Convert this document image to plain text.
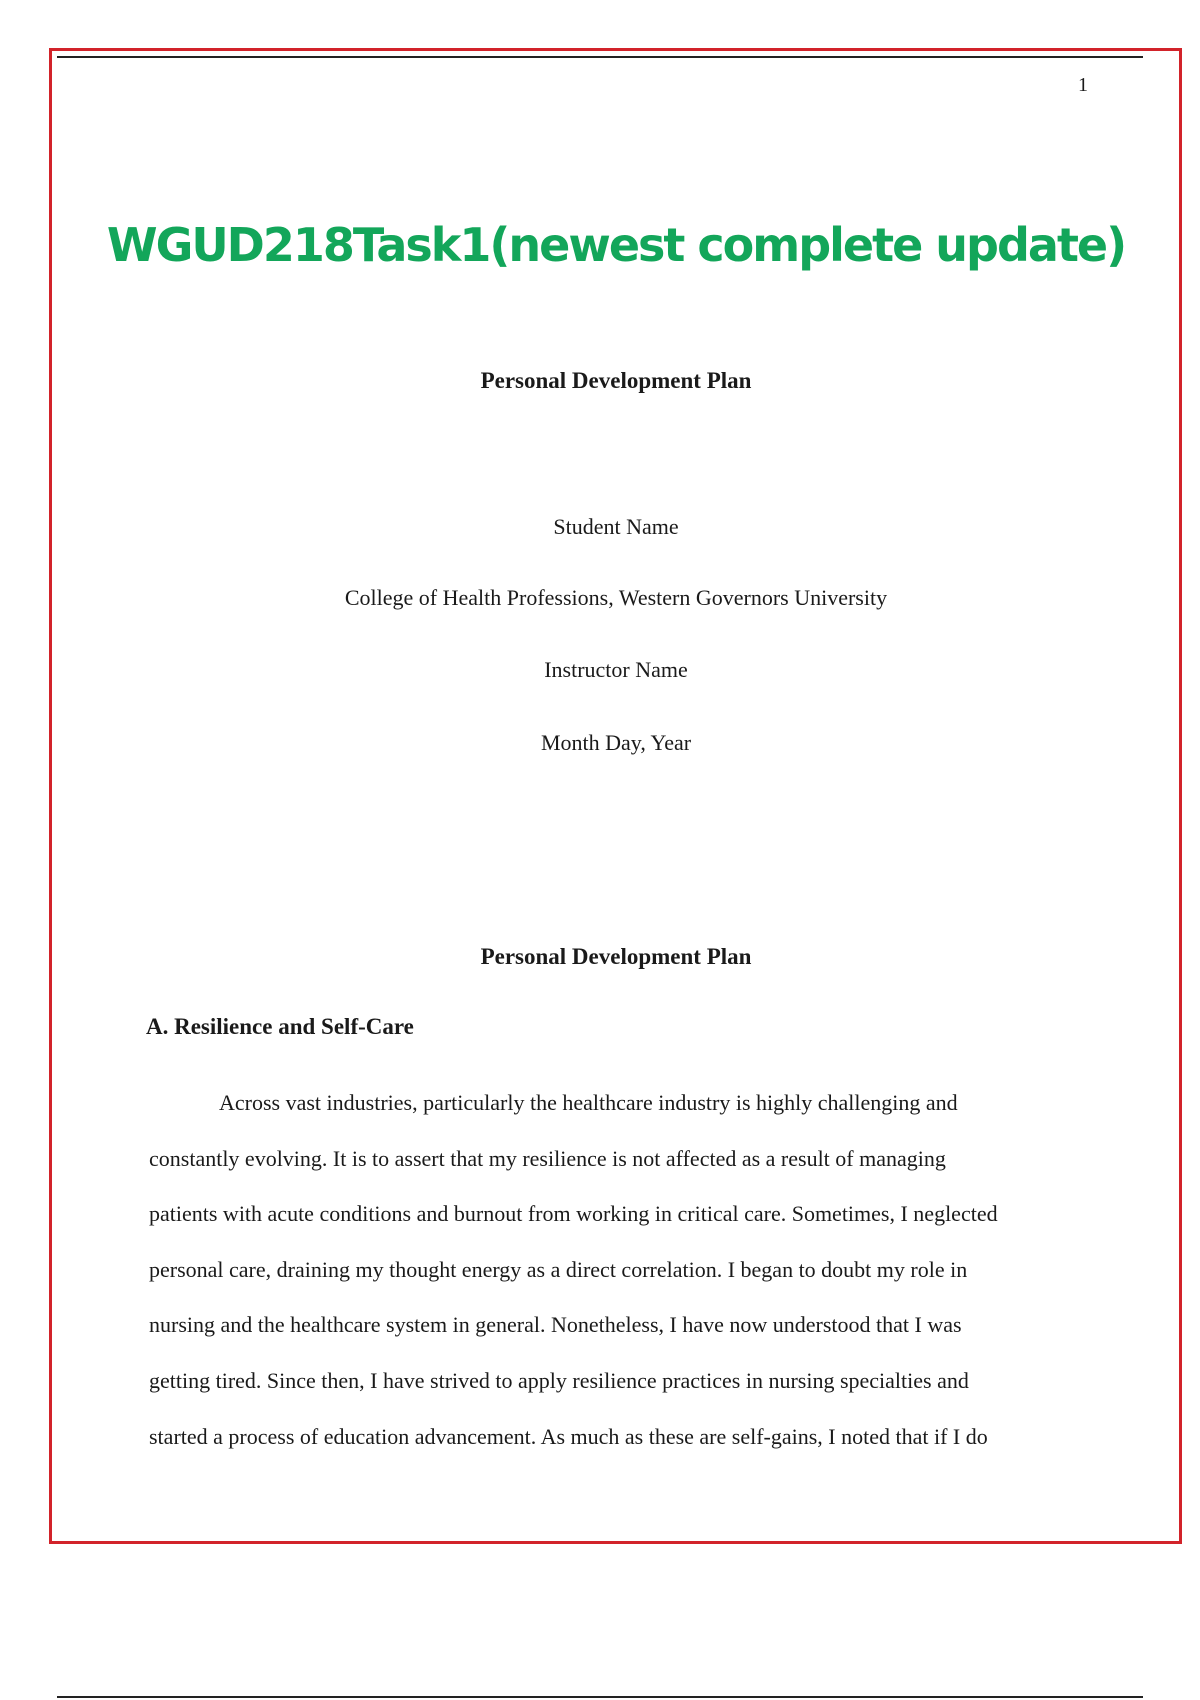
1
WGUD218Task1(newest complete update)
Personal Development Plan
Student Name
College of Health Professions, Western Governors University
Instructor Name
Month Day, Year
Personal Development Plan
A. Resilience and Self-Care
Across vast industries, particularly the healthcare industry is highly challenging and
constantly evolving. It is to assert that my resilience is not affected as a result of managing
patients with acute conditions and burnout from working in critical care. Sometimes, I neglected
personal care, draining my thought energy as a direct correlation. I began to doubt my role in
nursing and the healthcare system in general. Nonetheless, I have now understood that I was
getting tired. Since then, I have strived to apply resilience practices in nursing specialties and
started a process of education advancement. As much as these are self-gains, I noted that if I do
